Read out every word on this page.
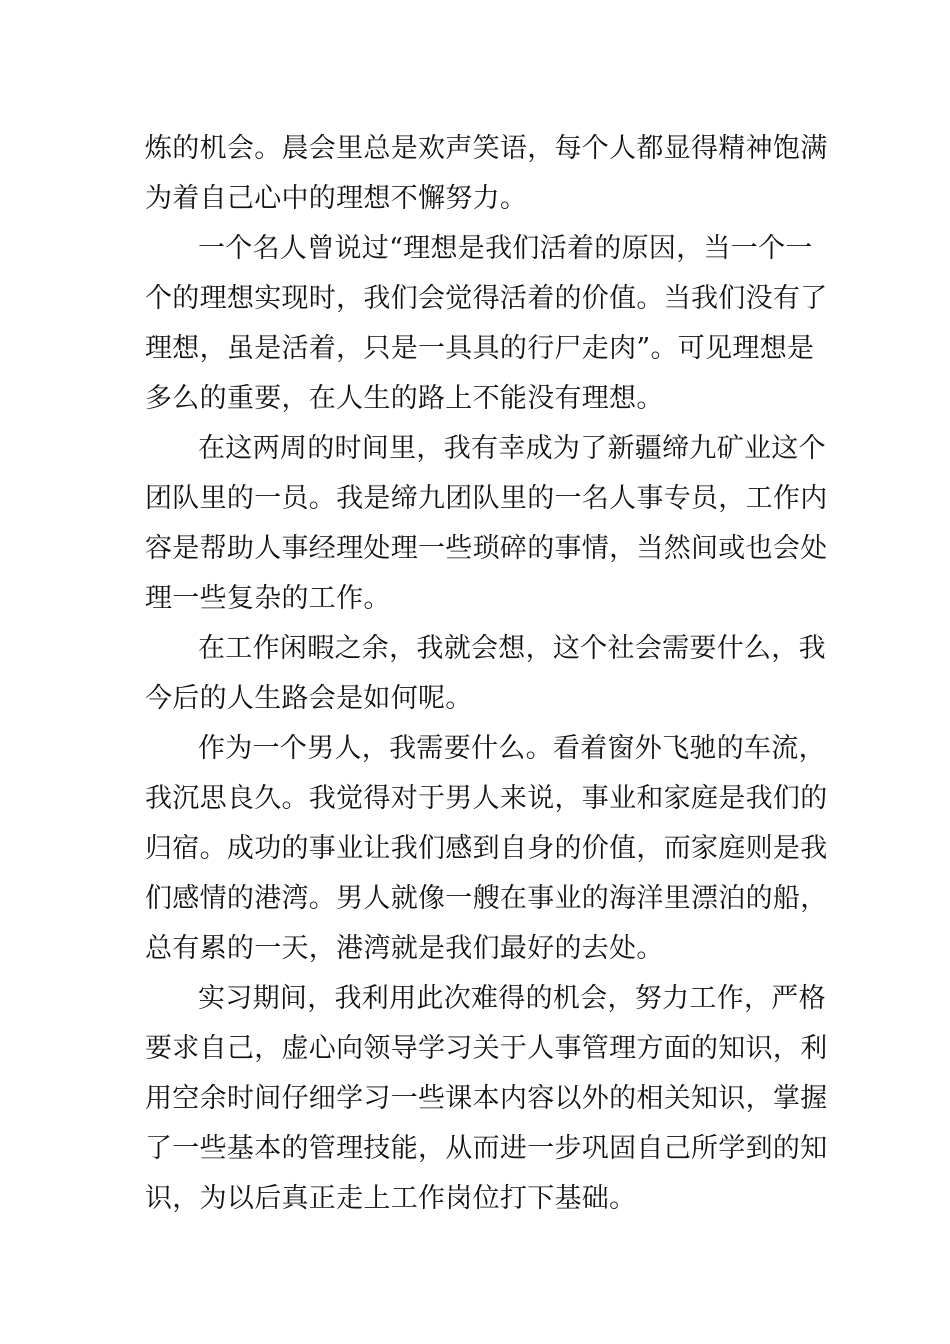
炼的机会。晨会里总是欢声笑语，每个人都显得精神饱满
为着自己心中的理想不懈努力。
一个名人曾说过“理想是我们活着的原因，当一个一
个的理想实现时，我们会觉得活着的价值。当我们没有了
理想，虽是活着，只是一具具的行尸走肉”。可见理想是
多么的重要，在人生的路上不能没有理想。
在这两周的时间里，我有幸成为了新疆缔九矿业这个
团队里的一员。我是缔九团队里的一名人事专员，工作内
容是帮助人事经理处理一些琐碎的事情，当然间或也会处
理一些复杂的工作。
在工作闲暇之余，我就会想，这个社会需要什么，我
今后的人生路会是如何呢。
作为一个男人，我需要什么。看着窗外飞驰的车流，
我沉思良久。我觉得对于男人来说，事业和家庭是我们的
归宿。成功的事业让我们感到自身的价值，而家庭则是我
们感情的港湾。男人就像一艘在事业的海洋里漂泊的船，
总有累的一天，港湾就是我们最好的去处。
实习期间，我利用此次难得的机会，努力工作，严格
要求自己，虚心向领导学习关于人事管理方面的知识，利
用空余时间仔细学习一些课本内容以外的相关知识，掌握
了一些基本的管理技能，从而进一步巩固自己所学到的知
识，为以后真正走上工作岗位打下基础。
